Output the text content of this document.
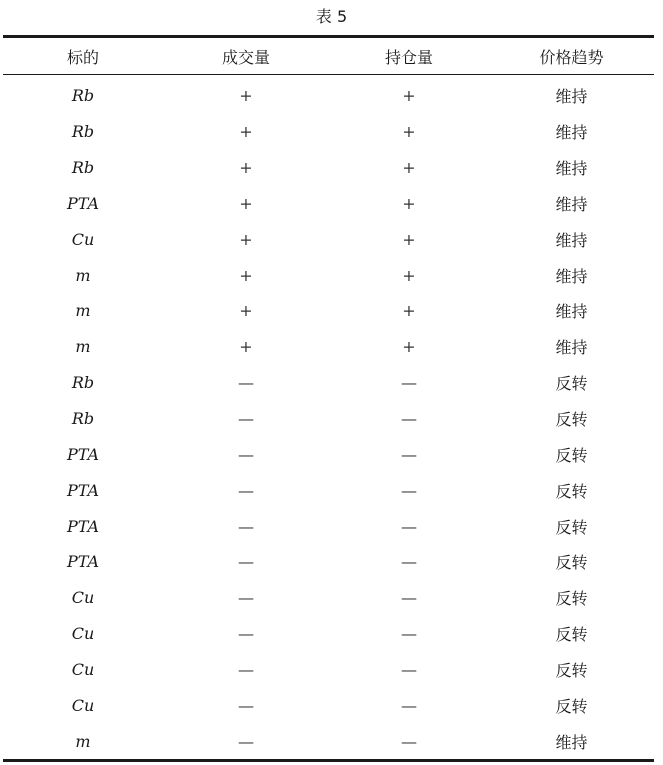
表 5
标的	成交量	持仓量	价格趋势
Rb	+	+	维持
Rb	+	+	维持
Rb	+	+	维持
PTA	+	+	维持
Cu	+	+	维持
m	+	+	维持
m	+	+	维持
m	+	+	维持
Rb	—	—	反转
Rb	—	—	反转
PTA	—	—	反转
PTA	—	—	反转
PTA	—	—	反转
PTA	—	—	反转
Cu	—	—	反转
Cu	—	—	反转
Cu	—	—	反转
Cu	—	—	反转
m	—	—	维持
